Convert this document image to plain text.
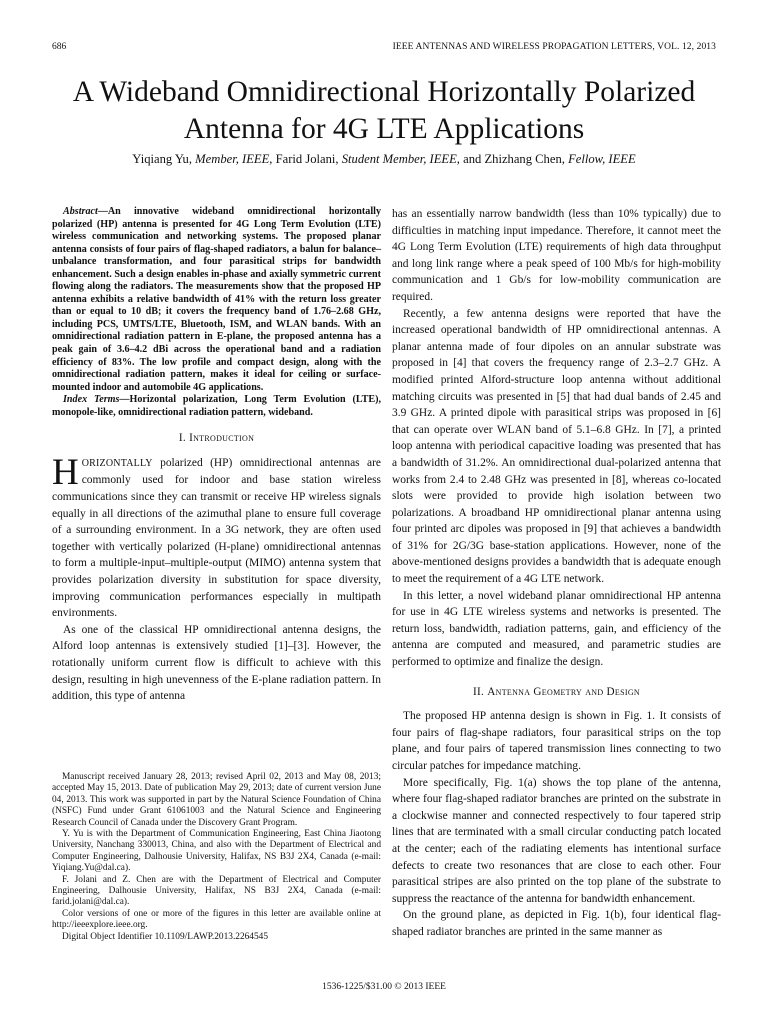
686	IEEE ANTENNAS AND WIRELESS PROPAGATION LETTERS, VOL. 12, 2013
A Wideband Omnidirectional Horizontally Polarized
Antenna for 4G LTE Applications
Yiqiang Yu, Member, IEEE, Farid Jolani, Student Member, IEEE, and Zhizhang Chen, Fellow, IEEE

Abstract—An innovative wideband omnidirectional horizontally polarized (HP) antenna is presented for 4G Long Term Evolution (LTE) wireless communication and networking systems. The proposed planar antenna consists of four pairs of flag-shaped radiators, a balun for balance–unbalance transformation, and four parasitical strips for bandwidth enhancement. Such a design enables in-phase and axially symmetric current flowing along the radiators. The measurements show that the proposed HP antenna exhibits a relative bandwidth of 41% with the return loss greater than or equal to 10 dB; it covers the frequency band of 1.76–2.68 GHz, including PCS, UMTS/LTE, Bluetooth, ISM, and WLAN bands. With an omnidirectional radiation pattern in E-plane, the proposed antenna has a peak gain of 3.6–4.2 dBi across the operational band and a radiation efficiency of 83%. The low profile and compact design, along with the omnidirectional radiation pattern, makes it ideal for ceiling or surface-mounted indoor and automobile 4G applications.

Index Terms—Horizontal polarization, Long Term Evolution (LTE), monopole-like, omnidirectional radiation pattern, wideband.

I. Introduction

HORIZONTALLY polarized (HP) omnidirectional antennas are commonly used for indoor and base station wireless communications since they can transmit or receive HP wireless signals equally in all directions of the azimuthal plane to ensure full coverage of a surrounding environment. In a 3G network, they are often used together with vertically polarized (H-plane) omnidirectional antennas to form a multiple-input–multiple-output (MIMO) antenna system that provides polarization diversity in substitution for space diversity, improving communication performances especially in multipath environments.

As one of the classical HP omnidirectional antenna designs, the Alford loop antennas is extensively studied [1]–[3]. However, the rotationally uniform current flow is difficult to achieve with this design, resulting in high unevenness of the E-plane radiation pattern. In addition, this type of antenna

Manuscript received January 28, 2013; revised April 02, 2013 and May 08, 2013; accepted May 15, 2013. Date of publication May 29, 2013; date of current version June 04, 2013. This work was supported in part by the Natural Science Foundation of China (NSFC) Fund under Grant 61061003 and the Natural Science and Engineering Research Council of Canada under the Discovery Grant Program.

Y. Yu is with the Department of Communication Engineering, East China Jiaotong University, Nanchang 330013, China, and also with the Department of Electrical and Computer Engineering, Dalhousie University, Halifax, NS B3J 2X4, Canada (e-mail: Yiqiang.Yu@dal.ca).

F. Jolani and Z. Chen are with the Department of Electrical and Computer Engineering, Dalhousie University, Halifax, NS B3J 2X4, Canada (e-mail: farid.jolani@dal.ca).

Color versions of one or more of the figures in this letter are available online at http://ieeexplore.ieee.org.

Digital Object Identifier 10.1109/LAWP.2013.2264545

has an essentially narrow bandwidth (less than 10% typically) due to difficulties in matching input impedance. Therefore, it cannot meet the 4G Long Term Evolution (LTE) requirements of high data throughput and long link range where a peak speed of 100 Mb/s for high-mobility communication and 1 Gb/s for low-mobility communication are required.

Recently, a few antenna designs were reported that have the increased operational bandwidth of HP omnidirectional antennas. A planar antenna made of four dipoles on an annular substrate was proposed in [4] that covers the frequency range of 2.3–2.7 GHz. A modified printed Alford-structure loop antenna without additional matching circuits was presented in [5] that had dual bands of 2.45 and 3.9 GHz. A printed dipole with parasitical strips was proposed in [6] that can operate over WLAN band of 5.1–6.8 GHz. In [7], a printed loop antenna with periodical capacitive loading was presented that has a bandwidth of 31.2%. An omnidirectional dual-polarized antenna that works from 2.4 to 2.48 GHz was presented in [8], whereas co-located slots were provided to provide high isolation between two polarizations. A broadband HP omnidirectional planar antenna using four printed arc dipoles was proposed in [9] that achieves a bandwidth of 31% for 2G/3G base-station applications. However, none of the above-mentioned designs provides a bandwidth that is adequate enough to meet the requirement of a 4G LTE network.

In this letter, a novel wideband planar omnidirectional HP antenna for use in 4G LTE wireless systems and networks is presented. The return loss, bandwidth, radiation patterns, gain, and efficiency of the antenna are computed and measured, and parametric studies are performed to optimize and finalize the design.

II. Antenna Geometry and Design

The proposed HP antenna design is shown in Fig. 1. It consists of four pairs of flag-shape radiators, four parasitical strips on the top plane, and four pairs of tapered transmission lines connecting to two circular patches for impedance matching.

More specifically, Fig. 1(a) shows the top plane of the antenna, where four flag-shaped radiator branches are printed on the substrate in a clockwise manner and connected respectively to four tapered strip lines that are terminated with a small circular conducting patch located at the center; each of the radiating elements has intentional surface defects to create two resonances that are close to each other. Four parasitical stripes are also printed on the top plane of the substrate to suppress the reactance of the antenna for bandwidth enhancement.

On the ground plane, as depicted in Fig. 1(b), four identical flag-shaped radiator branches are printed in the same manner as

1536-1225/$31.00 © 2013 IEEE
